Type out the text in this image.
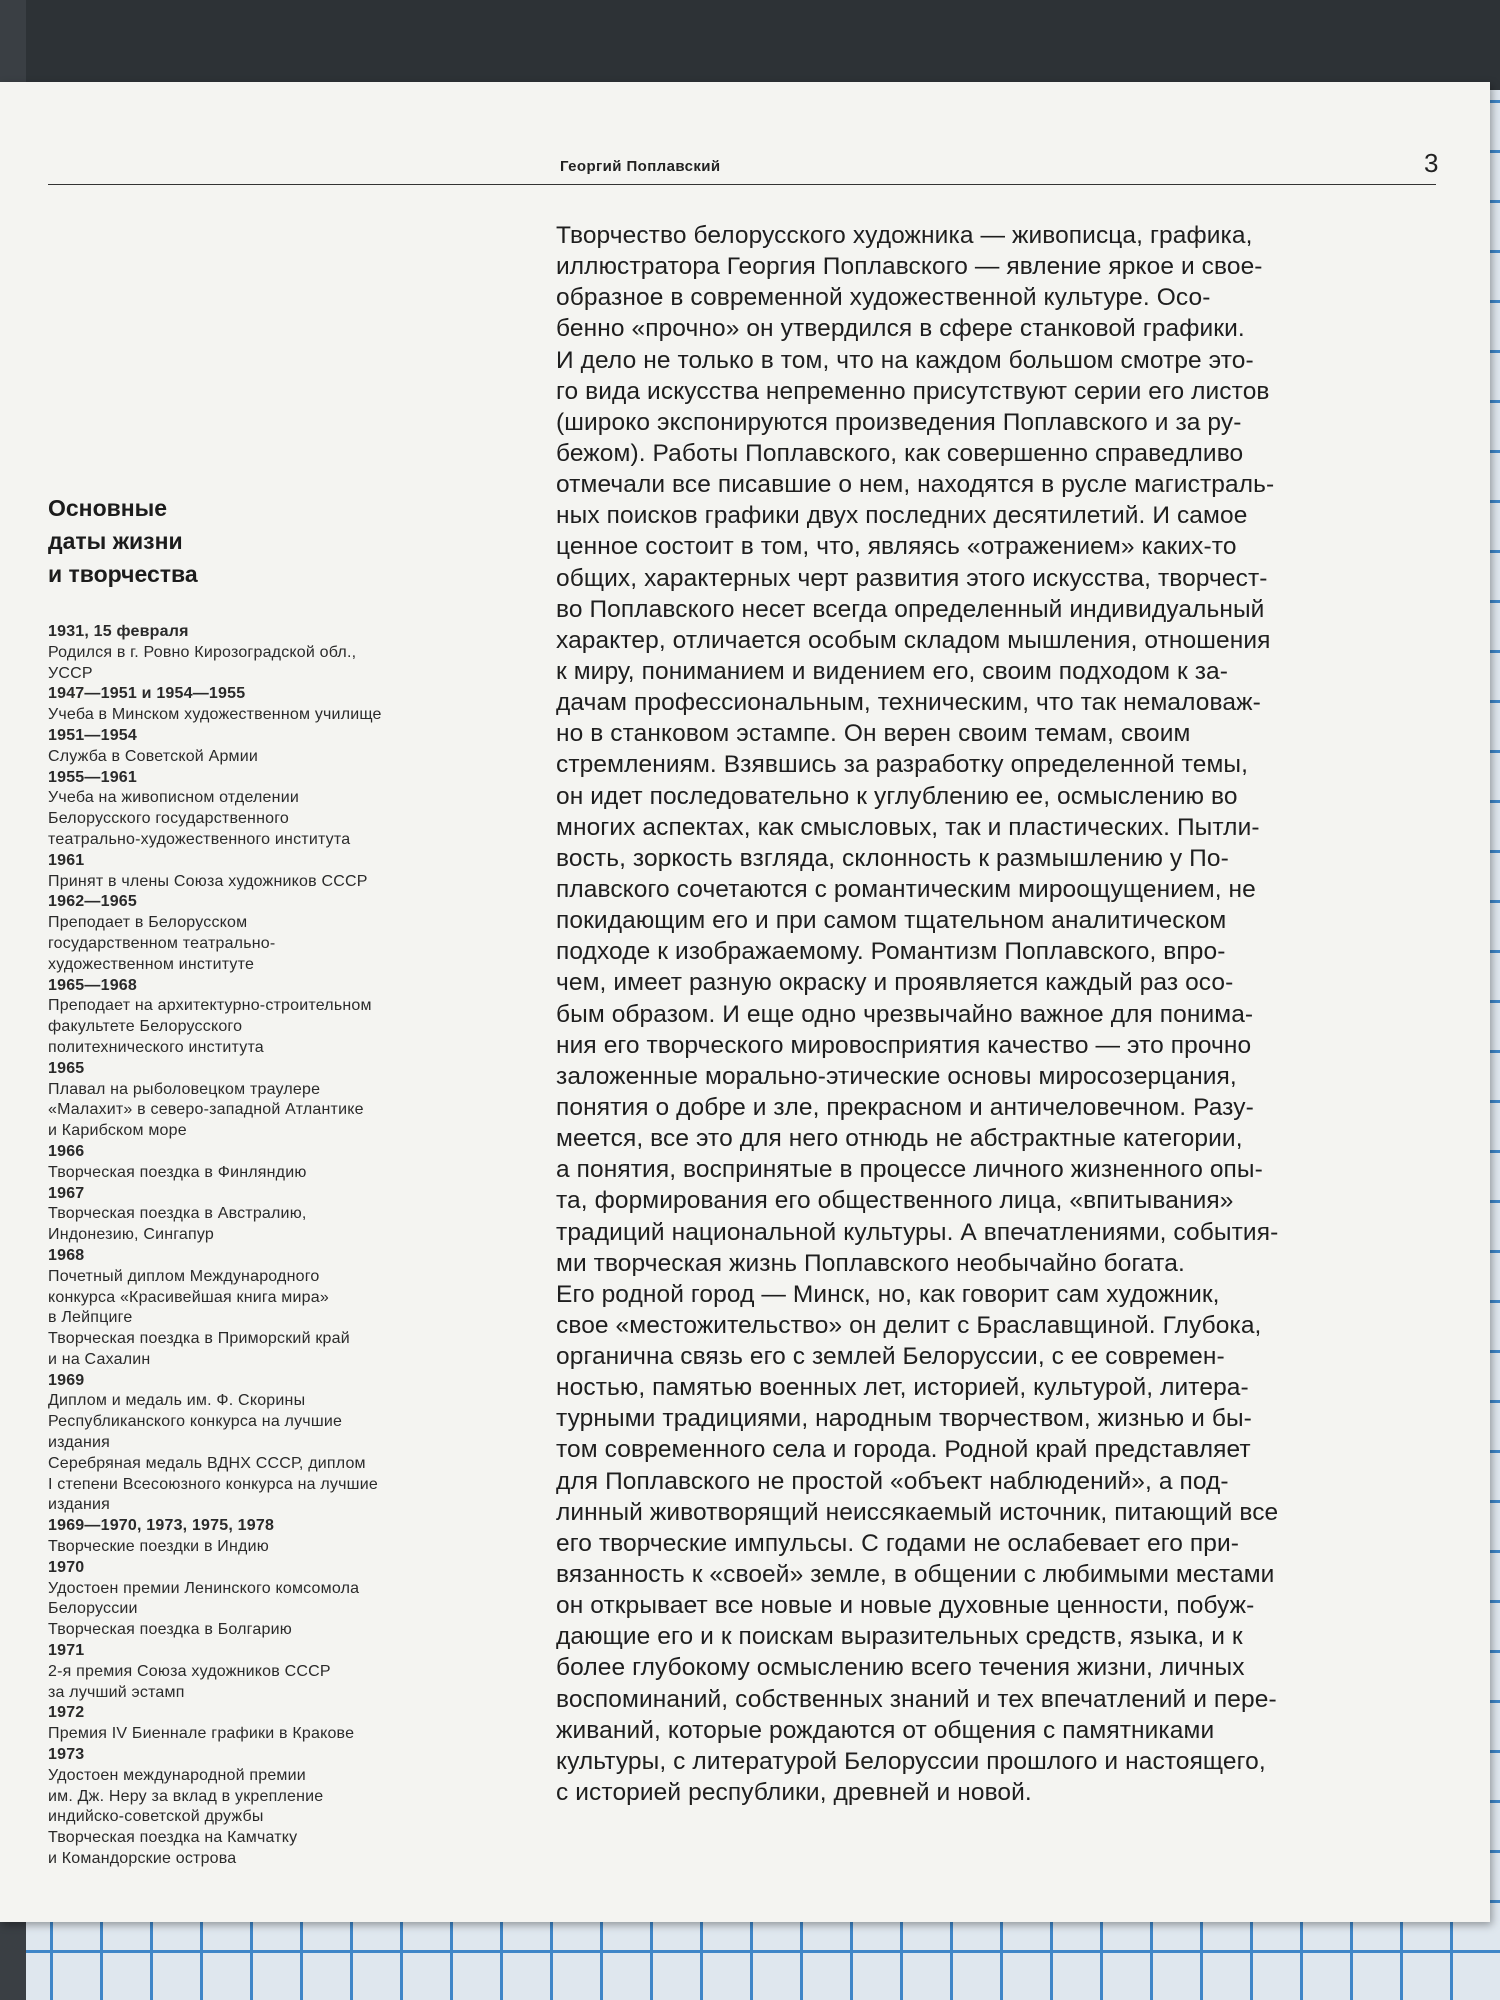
Георгий Поплавский	3
Основные
даты жизни
и творчества
1931, 15 февраля
Родился в г. Ровно Кирозоградской обл.,
УССР
1947—1951 и 1954—1955
Учеба в Минском художественном училище
1951—1954
Служба в Советской Армии
1955—1961
Учеба на живописном отделении
Белорусского государственного
театрально-художественного института
1961
Принят в члены Союза художников СССР
1962—1965
Преподает в Белорусском
государственном театрально-
художественном институте
1965—1968
Преподает на архитектурно-строительном
факультете Белорусского
политехнического института
1965
Плавал на рыболовецком траулере
«Малахит» в северо-западной Атлантике
и Карибском море
1966
Творческая поездка в Финляндию
1967
Творческая поездка в Австралию,
Индонезию, Сингапур
1968
Почетный диплом Международного
конкурса «Красивейшая книга мира»
в Лейпциге
Творческая поездка в Приморский край
и на Сахалин
1969
Диплом и медаль им. Ф. Скорины
Республиканского конкурса на лучшие
издания
Серебряная медаль ВДНХ СССР, диплом
I степени Всесоюзного конкурса на лучшие
издания
1969—1970, 1973, 1975, 1978
Творческие поездки в Индию
1970
Удостоен премии Ленинского комсомола
Белоруссии
Творческая поездка в Болгарию
1971
2-я премия Союза художников СССР
за лучший эстамп
1972
Премия IV Биеннале графики в Кракове
1973
Удостоен международной премии
им. Дж. Неру за вклад в укрепление
индийско-советской дружбы
Творческая поездка на Камчатку
и Командорские острова
Творчество белорусского художника — живописца, графика,
иллюстратора Георгия Поплавского — явление яркое и свое-
образное в современной художественной культуре. Осо-
бенно «прочно» он утвердился в сфере станковой графики.
И дело не только в том, что на каждом большом смотре это-
го вида искусства непременно присутствуют серии его листов
(широко экспонируются произведения Поплавского и за ру-
бежом). Работы Поплавского, как совершенно справедливо
отмечали все писавшие о нем, находятся в русле магистраль-
ных поисков графики двух последних десятилетий. И самое
ценное состоит в том, что, являясь «отражением» каких-то
общих, характерных черт развития этого искусства, творчест-
во Поплавского несет всегда определенный индивидуальный
характер, отличается особым складом мышления, отношения
к миру, пониманием и видением его, своим подходом к за-
дачам профессиональным, техническим, что так немаловаж-
но в станковом эстампе. Он верен своим темам, своим
стремлениям. Взявшись за разработку определенной темы,
он идет последовательно к углублению ее, осмыслению во
многих аспектах, как смысловых, так и пластических. Пытли-
вость, зоркость взгляда, склонность к размышлению у По-
плавского сочетаются с романтическим мироощущением, не
покидающим его и при самом тщательном аналитическом
подходе к изображаемому. Романтизм Поплавского, впро-
чем, имеет разную окраску и проявляется каждый раз осо-
бым образом. И еще одно чрезвычайно важное для понима-
ния его творческого мировосприятия качество — это прочно
заложенные морально-этические основы миросозерцания,
понятия о добре и зле, прекрасном и античеловечном. Разу-
меется, все это для него отнюдь не абстрактные категории,
а понятия, воспринятые в процессе личного жизненного опы-
та, формирования его общественного лица, «впитывания»
традиций национальной культуры. А впечатлениями, события-
ми творческая жизнь Поплавского необычайно богата.
Его родной город — Минск, но, как говорит сам художник,
свое «местожительство» он делит с Браславщиной. Глубока,
органична связь его с землей Белоруссии, с ее современ-
ностью, памятью военных лет, историей, культурой, литера-
турными традициями, народным творчеством, жизнью и бы-
том современного села и города. Родной край представляет
для Поплавского не простой «объект наблюдений», а под-
линный животворящий неиссякаемый источник, питающий все
его творческие импульсы. С годами не ослабевает его при-
вязанность к «своей» земле, в общении с любимыми местами
он открывает все новые и новые духовные ценности, побуж-
дающие его и к поискам выразительных средств, языка, и к
более глубокому осмыслению всего течения жизни, личных
воспоминаний, собственных знаний и тех впечатлений и пере-
живаний, которые рождаются от общения с памятниками
культуры, с литературой Белоруссии прошлого и настоящего,
с историей республики, древней и новой.
